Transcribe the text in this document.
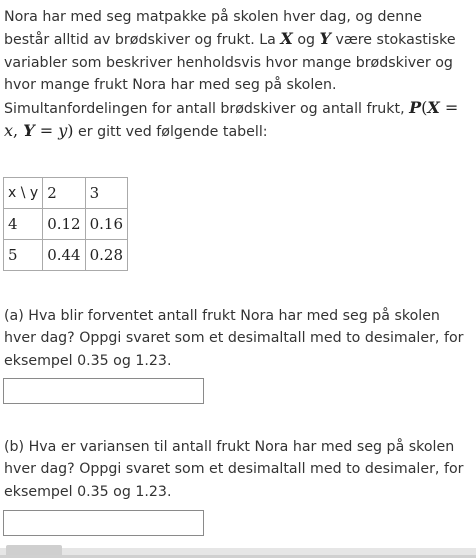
Nora har med seg matpakke på skolen hver dag, og denne består alltid av brødskiver og frukt. La X og Y være stokastiske variabler som beskriver henholdsvis hvor mange brødskiver og hvor mange frukt Nora har med seg på skolen. Simultanfordelingen for antall brødskiver og antall frukt, P(X = x, Y = y) er gitt ved følgende tabell:

x \ y	2	3
4	0.12	0.16
5	0.44	0.28

(a) Hva blir forventet antall frukt Nora har med seg på skolen hver dag? Oppgi svaret som et desimaltall med to desimaler, for eksempel 0.35 og 1.23.

(b) Hva er variansen til antall frukt Nora har med seg på skolen hver dag? Oppgi svaret som et desimaltall med to desimaler, for eksempel 0.35 og 1.23.
